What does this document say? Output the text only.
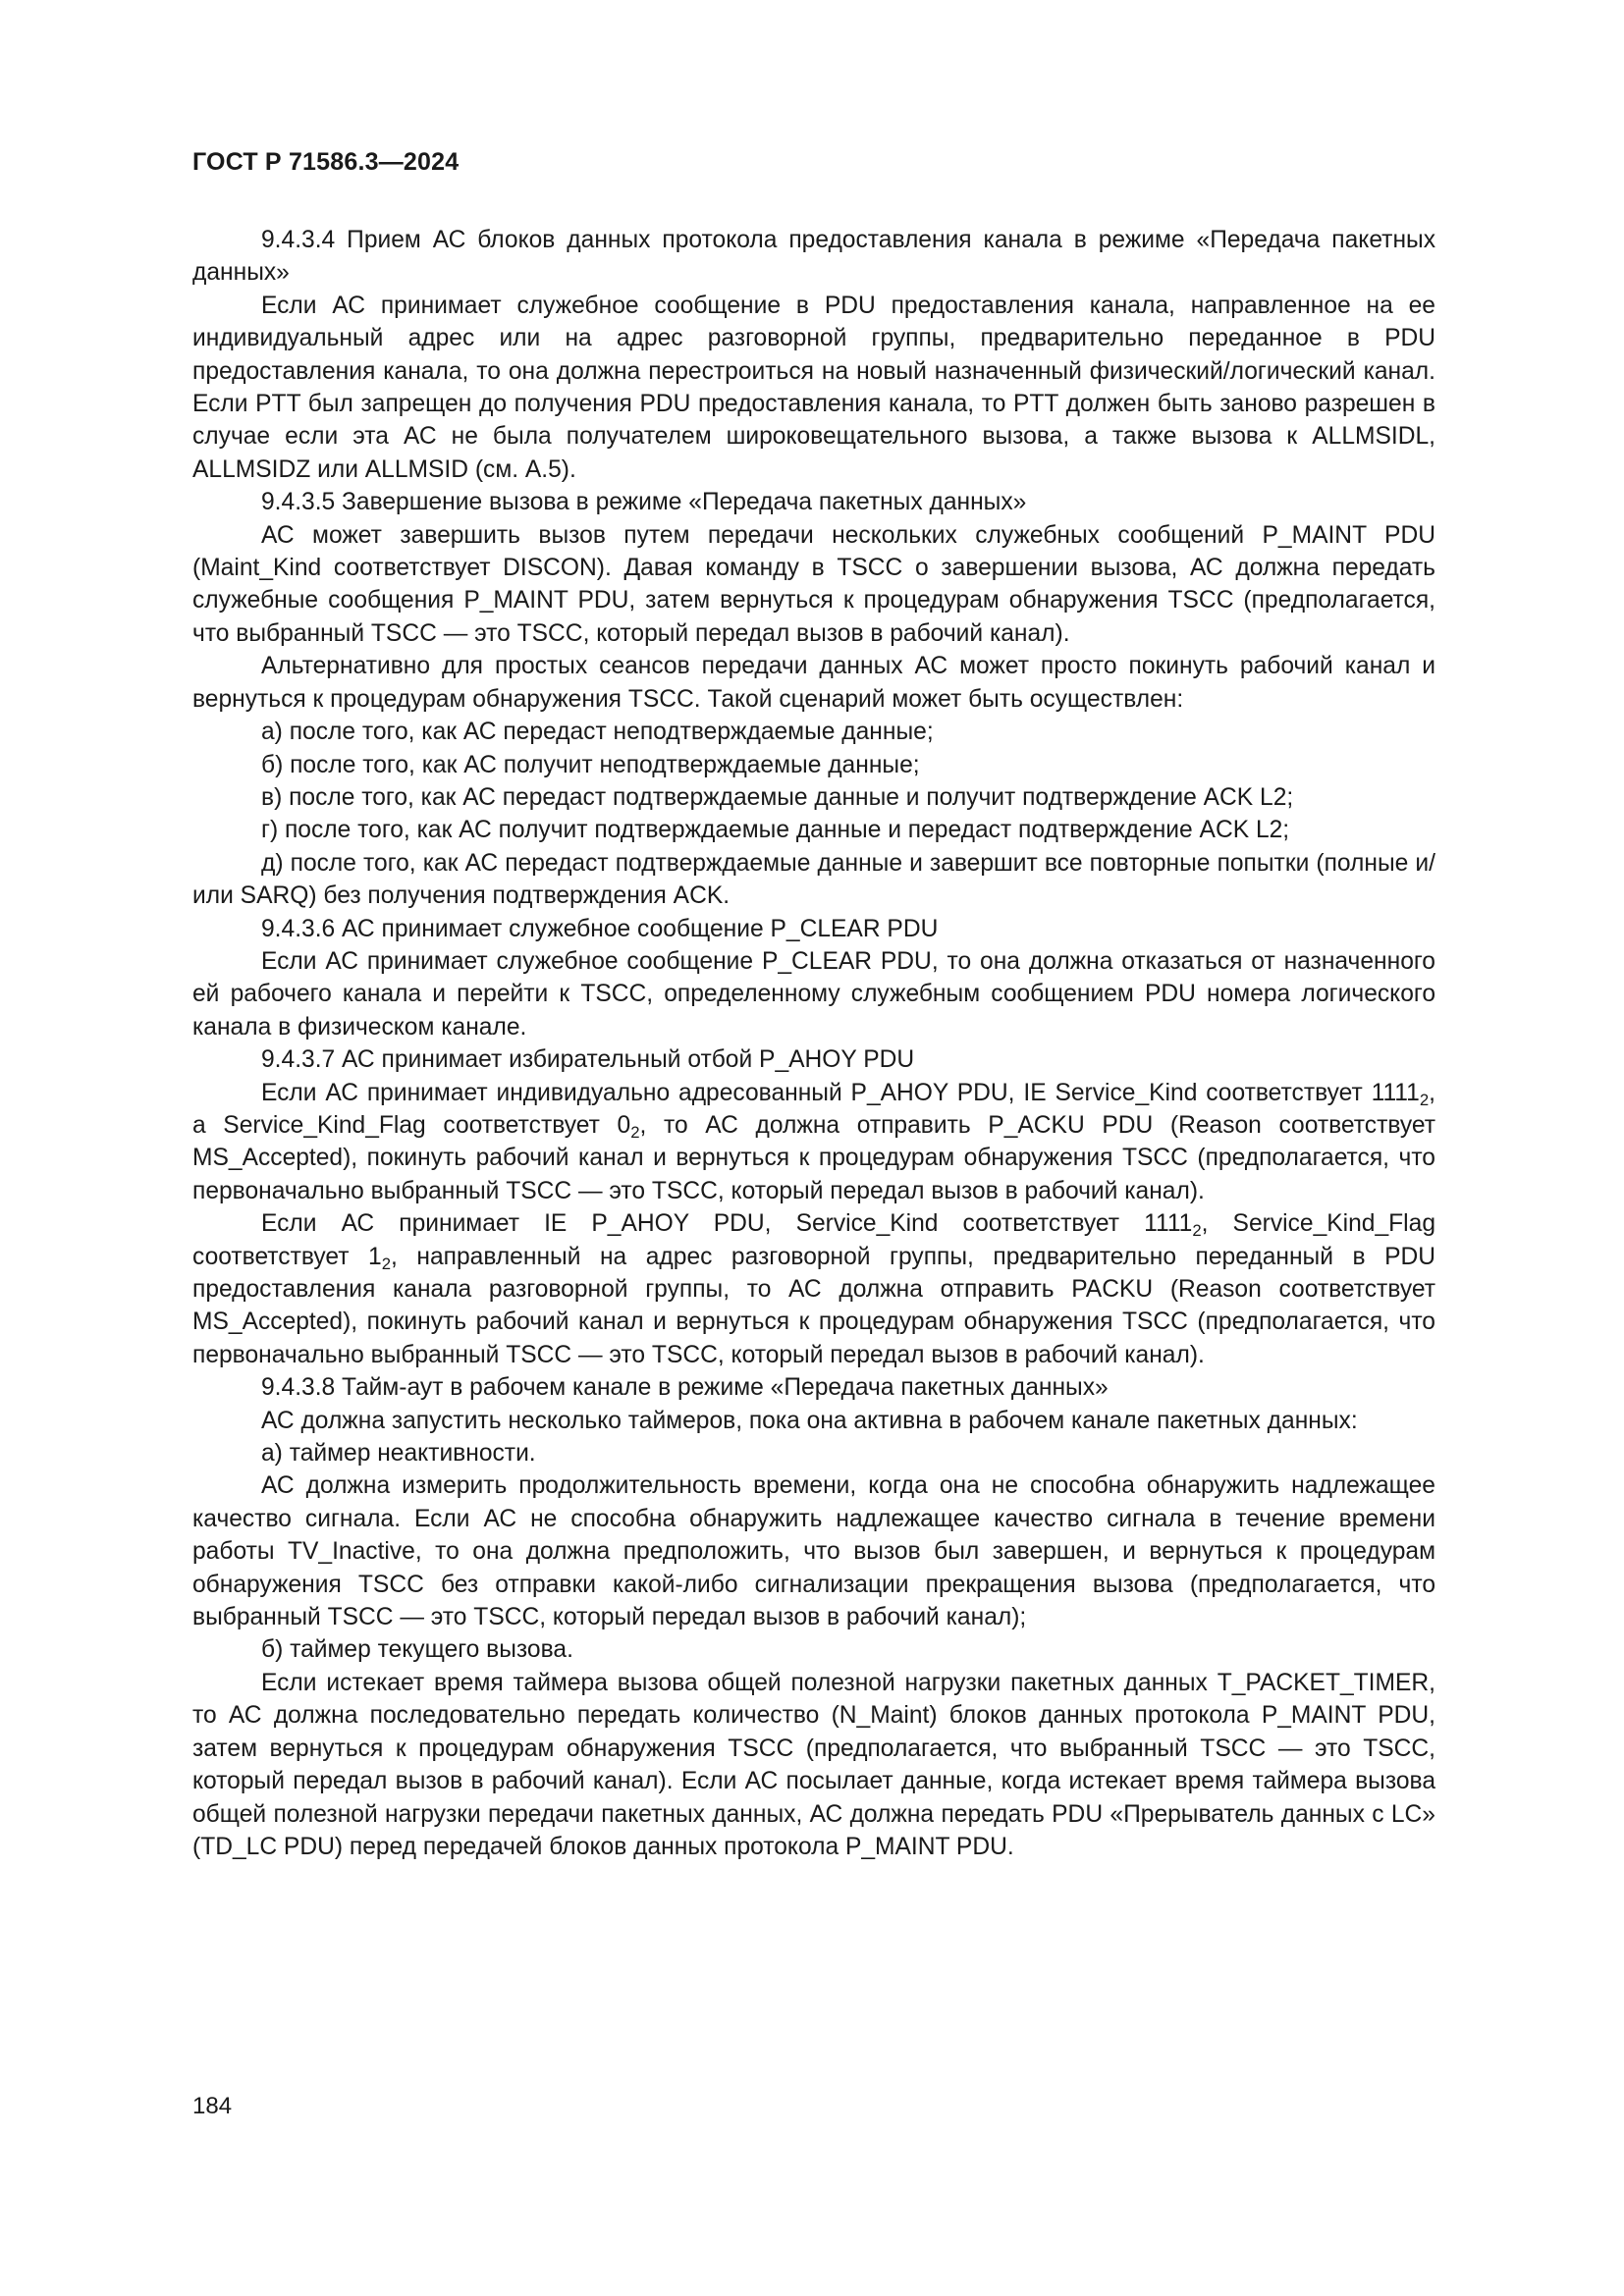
ГОСТ Р 71586.3—2024

9.4.3.4 Прием АС блоков данных протокола предоставления канала в режиме «Передача пакетных данных»

Если АС принимает служебное сообщение в PDU предоставления канала, направленное на ее индивидуальный адрес или на адрес разговорной группы, предварительно переданное в PDU предоставления канала, то она должна перестроиться на новый назначенный физический/логический канал. Если PTT был запрещен до получения PDU предоставления канала, то PTT должен быть заново разрешен в случае если эта АС не была получателем широковещательного вызова, а также вызова к ALLMSIDL, ALLMSIDZ или ALLMSID (см. А.5).

9.4.3.5 Завершение вызова в режиме «Передача пакетных данных»

АС может завершить вызов путем передачи нескольких служебных сообщений P_MAINT PDU (Maint_Kind соответствует DISCON). Давая команду в TSCC о завершении вызова, АС должна передать служебные сообщения P_MAINT PDU, затем вернуться к процедурам обнаружения TSCC (предполагается, что выбранный TSCC — это TSCC, который передал вызов в рабочий канал).

Альтернативно для простых сеансов передачи данных АС может просто покинуть рабочий канал и вернуться к процедурам обнаружения TSCC. Такой сценарий может быть осуществлен:

а) после того, как АС передаст неподтверждаемые данные;

б) после того, как АС получит неподтверждаемые данные;

в) после того, как АС передаст подтверждаемые данные и получит подтверждение ACK L2;

г) после того, как АС получит подтверждаемые данные и передаст подтверждение ACK L2;

д) после того, как АС передаст подтверждаемые данные и завершит все повторные попытки (полные и/или SARQ) без получения подтверждения ACK.

9.4.3.6 АС принимает служебное сообщение P_CLEAR PDU

Если АС принимает служебное сообщение P_CLEAR PDU, то она должна отказаться от назначенного ей рабочего канала и перейти к TSCC, определенному служебным сообщением PDU номера логического канала в физическом канале.

9.4.3.7 АС принимает избирательный отбой P_AHOY PDU

Если АС принимает индивидуально адресованный P_AHOY PDU, IE Service_Kind соответствует $1111_2$, a Service_Kind_Flag соответствует $0_2$, то АС должна отправить P_ACKU PDU (Reason соответствует MS_Accepted), покинуть рабочий канал и вернуться к процедурам обнаружения TSCC (предполагается, что первоначально выбранный TSCC — это TSCC, который передал вызов в рабочий канал).

Если АС принимает IE P_AHOY PDU, Service_Kind соответствует $1111_2$, Service_Kind_Flag соответствует $1_2$, направленный на адрес разговорной группы, предварительно переданный в PDU предоставления канала разговорной группы, то АС должна отправить PACKU (Reason соответствует MS_Accepted), покинуть рабочий канал и вернуться к процедурам обнаружения TSCC (предполагается, что первоначально выбранный TSCC — это TSCC, который передал вызов в рабочий канал).

9.4.3.8 Тайм-аут в рабочем канале в режиме «Передача пакетных данных»

АС должна запустить несколько таймеров, пока она активна в рабочем канале пакетных данных:

а) таймер неактивности.

АС должна измерить продолжительность времени, когда она не способна обнаружить надлежащее качество сигнала. Если АС не способна обнаружить надлежащее качество сигнала в течение времени работы TV_Inactive, то она должна предположить, что вызов был завершен, и вернуться к процедурам обнаружения TSCC без отправки какой-либо сигнализации прекращения вызова (предполагается, что выбранный TSCC — это TSCC, который передал вызов в рабочий канал);

б) таймер текущего вызова.

Если истекает время таймера вызова общей полезной нагрузки пакетных данных T_PACKET_TIMER, то АС должна последовательно передать количество (N_Maint) блоков данных протокола P_MAINT PDU, затем вернуться к процедурам обнаружения TSCC (предполагается, что выбранный TSCC — это TSCC, который передал вызов в рабочий канал). Если АС посылает данные, когда истекает время таймера вызова общей полезной нагрузки передачи пакетных данных, АС должна передать PDU «Прерыватель данных с LC» (TD_LC PDU) перед передачей блоков данных протокола P_MAINT PDU.

184
